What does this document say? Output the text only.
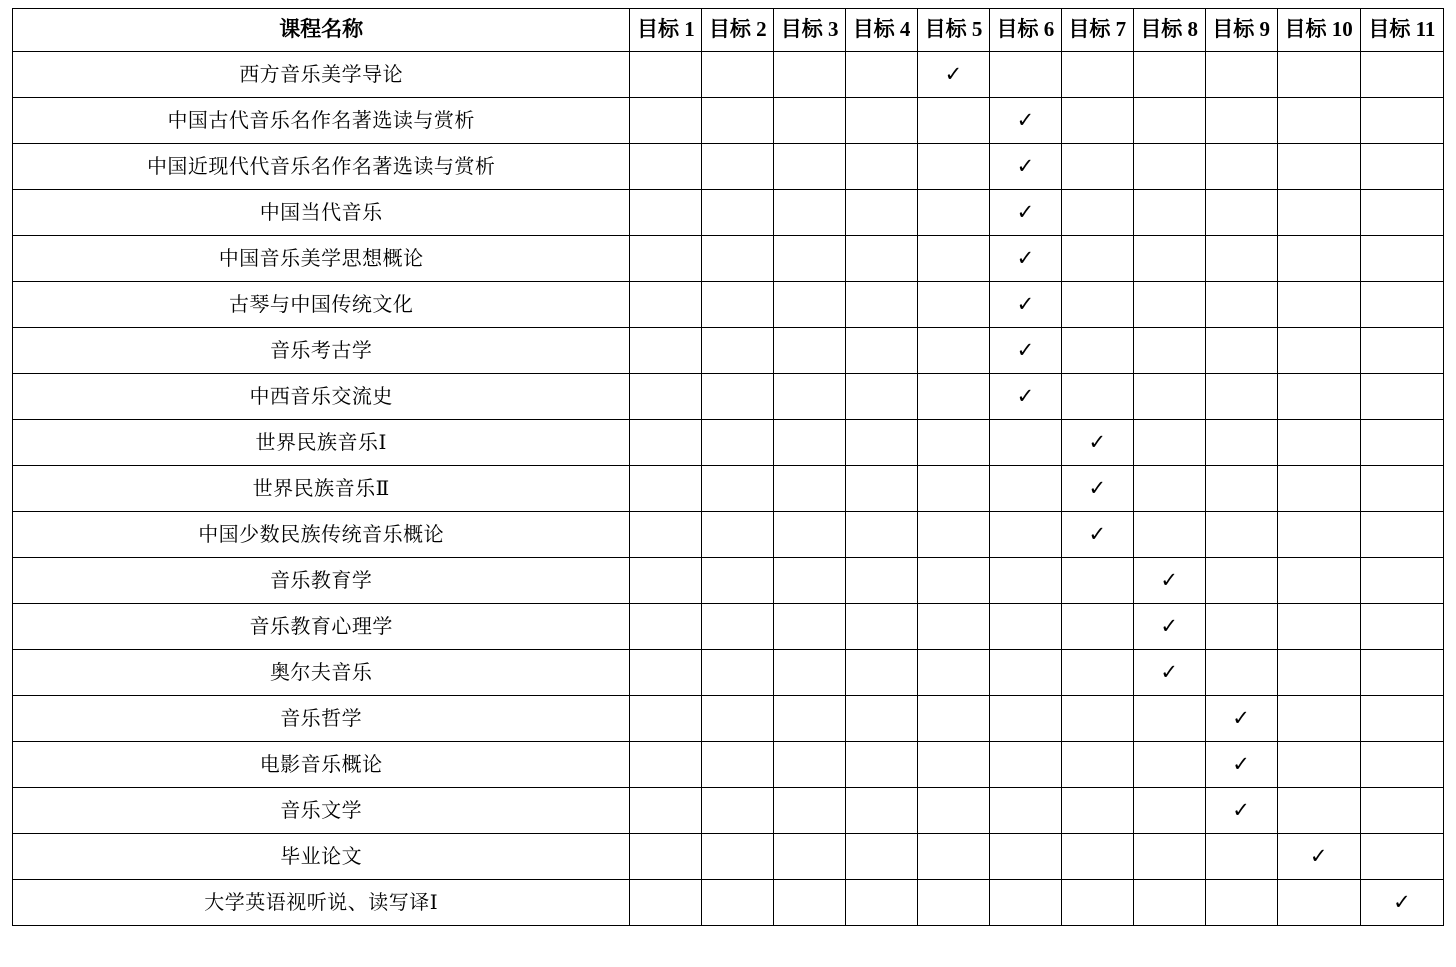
课程名称	目标 1	目标 2	目标 3	目标 4	目标 5	目标 6	目标 7	目标 8	目标 9	目标 10	目标 11
西方音乐美学导论					✓						
中国古代音乐名作名著选读与赏析						✓					
中国近现代代音乐名作名著选读与赏析						✓					
中国当代音乐						✓					
中国音乐美学思想概论						✓					
古琴与中国传统文化						✓					
音乐考古学						✓					
中西音乐交流史						✓					
世界民族音乐Ⅰ							✓				
世界民族音乐Ⅱ							✓				
中国少数民族传统音乐概论							✓				
音乐教育学								✓			
音乐教育心理学								✓			
奥尔夫音乐								✓			
音乐哲学									✓		
电影音乐概论									✓		
音乐文学									✓		
毕业论文										✓	
大学英语视听说、读写译Ⅰ											✓
